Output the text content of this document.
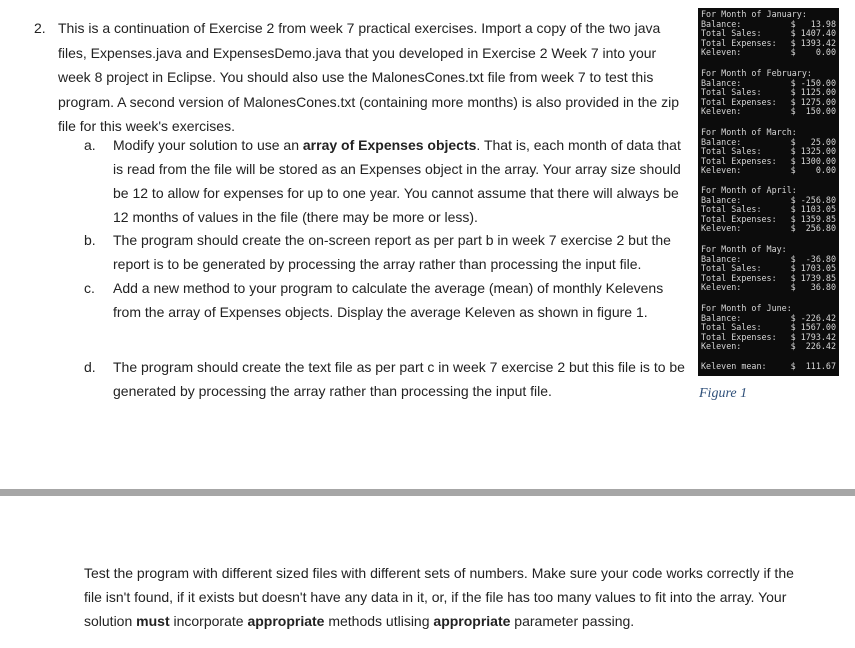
2. This is a continuation of Exercise 2 from week 7 practical exercises. Import a copy of the two java files, Expenses.java and ExpensesDemo.java that you developed in Exercise 2 Week 7 into your week 8 project in Eclipse. You should also use the MalonesCones.txt file from week 7 to test this program. A second version of MalonesCones.txt (containing more months) is also provided in the zip file for this week's exercises.
a. Modify your solution to use an array of Expenses objects. That is, each month of data that is read from the file will be stored as an Expenses object in the array. Your array size should be 12 to allow for expenses for up to one year. You cannot assume that there will always be 12 months of values in the file (there may be more or less).
b. The program should create the on-screen report as per part b in week 7 exercise 2 but the report is to be generated by processing the array rather than processing the input file.
c. Add a new method to your program to calculate the average (mean) of monthly Kelevens from the array of Expenses objects. Display the average Keleven as shown in figure 1.
d. The program should create the text file as per part c in week 7 exercise 2 but this file is to be generated by processing the array rather than processing the input file.
For Month of January:
Balance:	$   13.98
Total Sales:	$ 1407.40
Total Expenses: $ 1393.42
Keleven:	$    0.00
For Month of February:
Balance:	$ -150.00
Total Sales:	$ 1125.00
Total Expenses: $ 1275.00
Keleven:	$  150.00
For Month of March:
Balance:	$   25.00
Total Sales:	$ 1325.00
Total Expenses: $ 1300.00
Keleven:	$    0.00
For Month of April:
Balance:	$ -256.80
Total Sales:	$ 1103.05
Total Expenses: $ 1359.85
Keleven:	$  256.80
For Month of May:
Balance:	$  -36.80
Total Sales:	$ 1703.05
Total Expenses: $ 1739.85
Keleven:	$   36.80
For Month of June:
Balance:	$ -226.42
Total Sales:	$ 1567.00
Total Expenses: $ 1793.42
Keleven:	$  226.42
Keleven mean:	$  111.67
Figure 1
Test the program with different sized files with different sets of numbers. Make sure your code works correctly if the file isn't found, if it exists but doesn't have any data in it, or, if the file has too many values to fit into the array. Your solution must incorporate appropriate methods utlising appropriate parameter passing.
